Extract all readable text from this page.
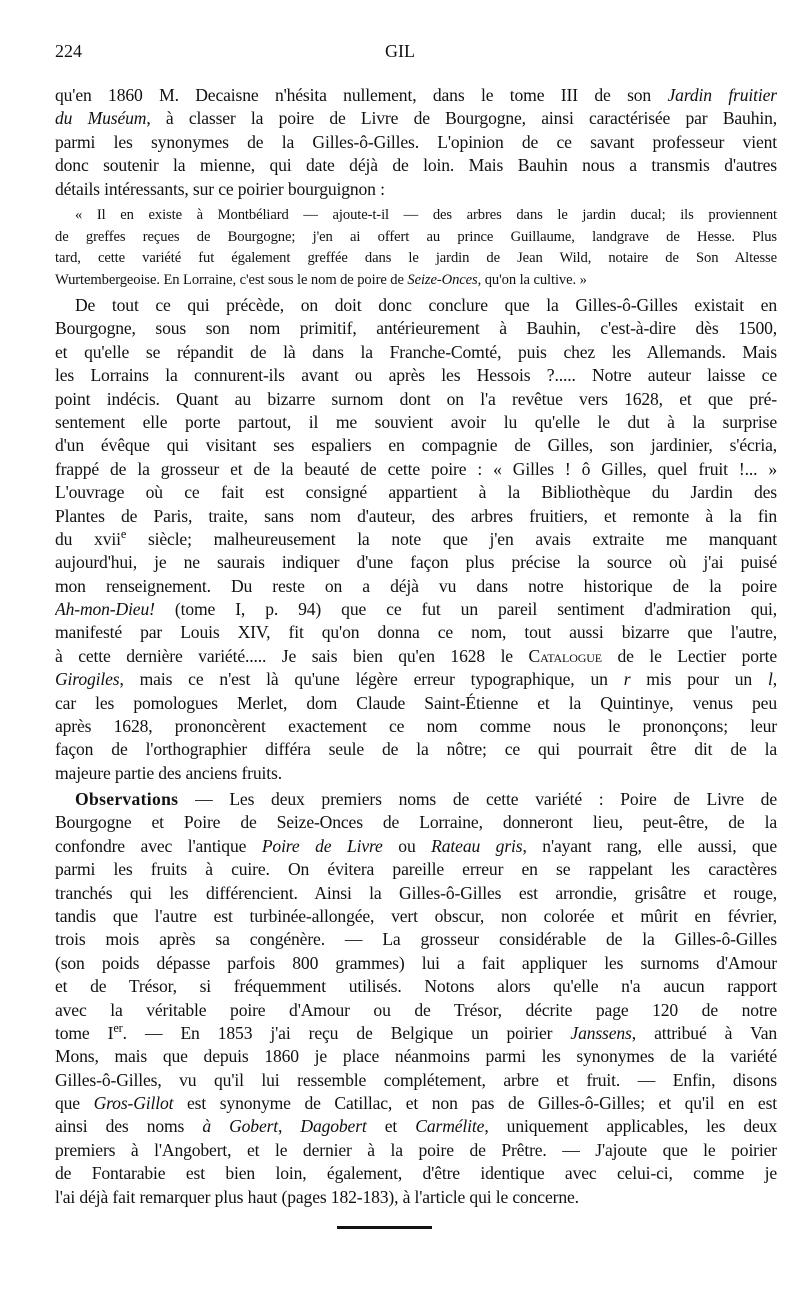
224	GIL
qu'en 1860 M. Decaisne n'hésita nullement, dans le tome III de son Jardin fruitier
du Muséum, à classer la poire de Livre de Bourgogne, ainsi caractérisée par Bauhin,
parmi les synonymes de la Gilles-ô-Gilles. L'opinion de ce savant professeur vient
donc soutenir la mienne, qui date déjà de loin. Mais Bauhin nous a transmis d'autres
détails intéressants, sur ce poirier bourguignon :
« Il en existe à Montbéliard — ajoute-t-il — des arbres dans le jardin ducal; ils proviennent
de greffes reçues de Bourgogne; j'en ai offert au prince Guillaume, landgrave de Hesse. Plus
tard, cette variété fut également greffée dans le jardin de Jean Wild, notaire de Son Altesse
Wurtembergeoise. En Lorraine, c'est sous le nom de poire de Seize-Onces, qu'on la cultive. »
De tout ce qui précède, on doit donc conclure que la Gilles-ô-Gilles existait en
Bourgogne, sous son nom primitif, antérieurement à Bauhin, c'est-à-dire dès 1500,
et qu'elle se répandit de là dans la Franche-Comté, puis chez les Allemands. Mais
les Lorrains la connurent-ils avant ou après les Hessois ?..... Notre auteur laisse ce
point indécis. Quant au bizarre surnom dont on l'a revêtue vers 1628, et que pré-
sentement elle porte partout, il me souvient avoir lu qu'elle le dut à la surprise
d'un évêque qui visitant ses espaliers en compagnie de Gilles, son jardinier, s'écria,
frappé de la grosseur et de la beauté de cette poire : « Gilles ! ô Gilles, quel fruit !... »
L'ouvrage où ce fait est consigné appartient à la Bibliothèque du Jardin des
Plantes de Paris, traite, sans nom d'auteur, des arbres fruitiers, et remonte à la fin
du xvii$^e$ siècle; malheureusement la note que j'en avais extraite me manquant
aujourd'hui, je ne saurais indiquer d'une façon plus précise la source où j'ai puisé
mon renseignement. Du reste on a déjà vu dans notre historique de la poire
Ah-mon-Dieu! (tome I, p. 94) que ce fut un pareil sentiment d'admiration qui,
manifesté par Louis XIV, fit qu'on donna ce nom, tout aussi bizarre que l'autre,
à cette dernière variété..... Je sais bien qu'en 1628 le Catalogue de le Lectier porte
Girogiles, mais ce n'est là qu'une légère erreur typographique, un r mis pour un l,
car les pomologues Merlet, dom Claude Saint-Étienne et la Quintinye, venus peu
après 1628, prononcèrent exactement ce nom comme nous le prononçons; leur
façon de l'orthographier différa seule de la nôtre; ce qui pourrait être dit de la
majeure partie des anciens fruits.
Observations — Les deux premiers noms de cette variété : Poire de Livre de
Bourgogne et Poire de Seize-Onces de Lorraine, donneront lieu, peut-être, de la
confondre avec l'antique Poire de Livre ou Rateau gris, n'ayant rang, elle aussi, que
parmi les fruits à cuire. On évitera pareille erreur en se rappelant les caractères
tranchés qui les différencient. Ainsi la Gilles-ô-Gilles est arrondie, grisâtre et rouge,
tandis que l'autre est turbinée-allongée, vert obscur, non colorée et mûrit en février,
trois mois après sa congénère. — La grosseur considérable de la Gilles-ô-Gilles
(son poids dépasse parfois 800 grammes) lui a fait appliquer les surnoms d'Amour
et de Trésor, si fréquemment utilisés. Notons alors qu'elle n'a aucun rapport
avec la véritable poire d'Amour ou de Trésor, décrite page 120 de notre
tome Ier. — En 1853 j'ai reçu de Belgique un poirier Janssens, attribué à Van
Mons, mais que depuis 1860 je place néanmoins parmi les synonymes de la variété
Gilles-ô-Gilles, vu qu'il lui ressemble complétement, arbre et fruit. — Enfin, disons
que Gros-Gillot est synonyme de Catillac, et non pas de Gilles-ô-Gilles; et qu'il en est
ainsi des noms à Gobert, Dagobert et Carmélite, uniquement applicables, les deux
premiers à l'Angobert, et le dernier à la poire de Prêtre. — J'ajoute que le poirier
de Fontarabie est bien loin, également, d'être identique avec celui-ci, comme je
l'ai déjà fait remarquer plus haut (pages 182-183), à l'article qui le concerne.
